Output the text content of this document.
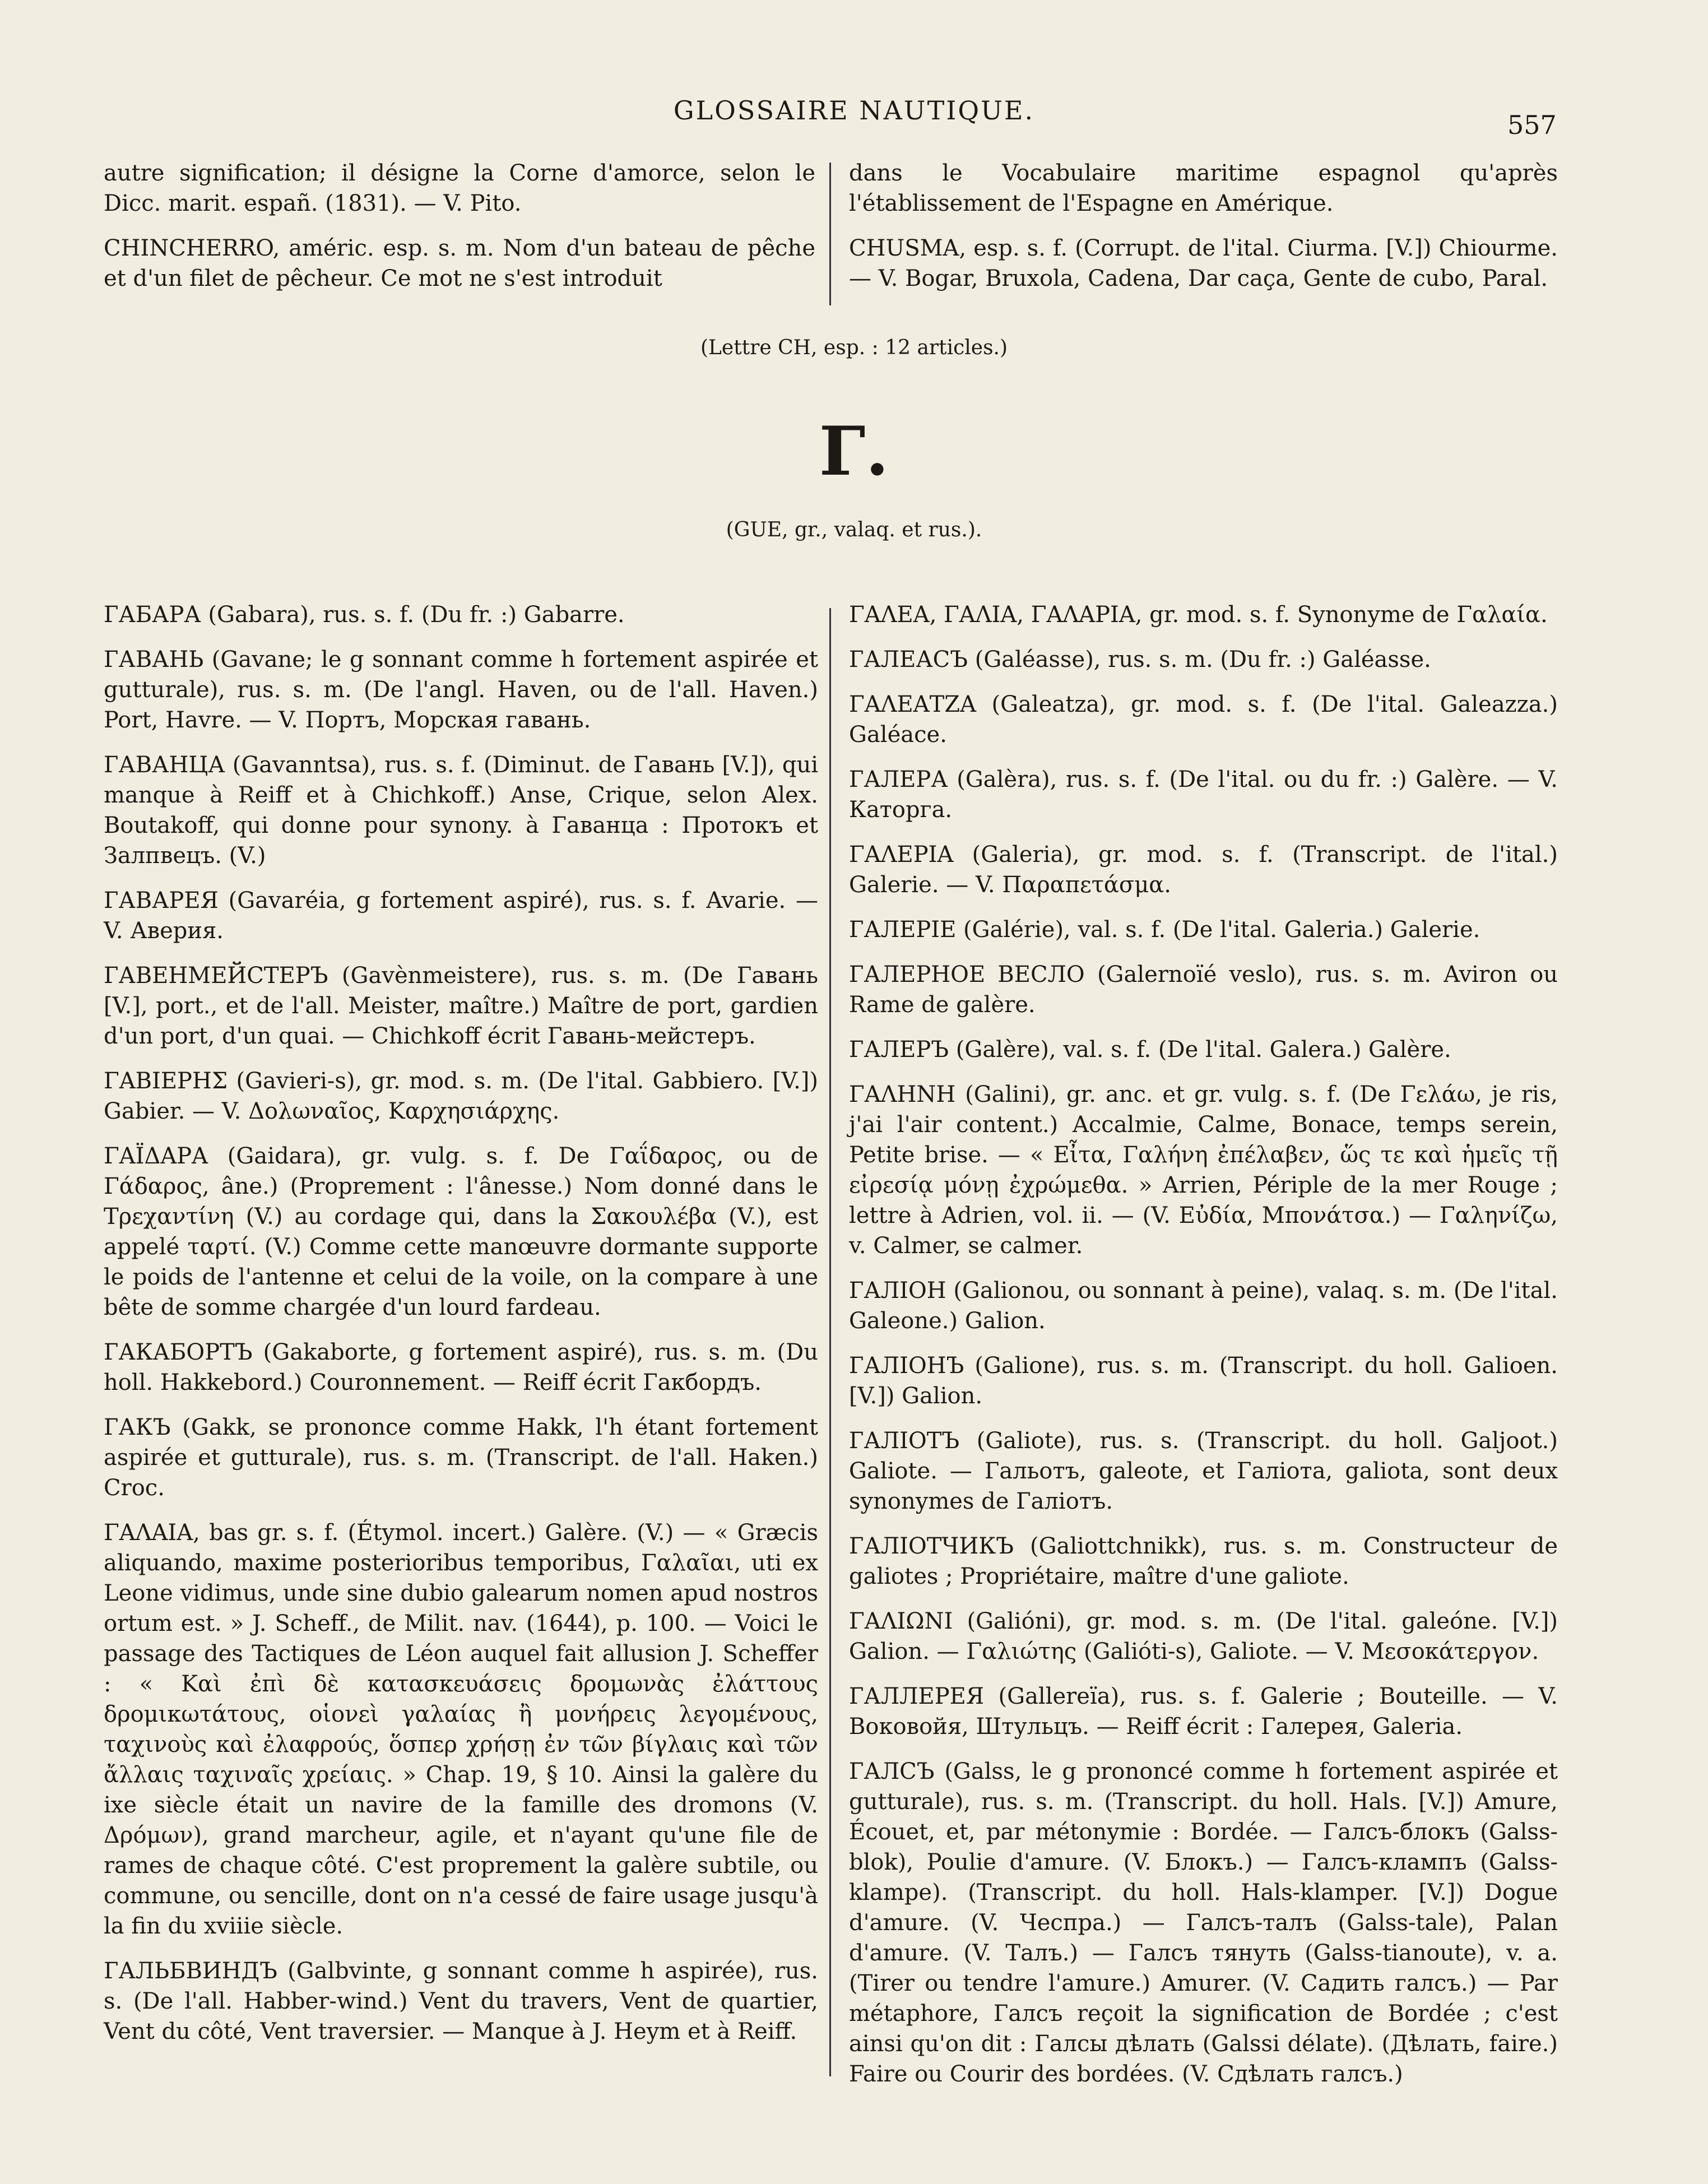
GLOSSAIRE NAUTIQUE.	557

autre signification; il désigne la Corne d'amorce, selon le Dicc. marit. españ. (1831). — V. Pito.

CHINCHERRO, améric. esp. s. m. Nom d'un bateau de pêche et d'un filet de pêcheur. Ce mot ne s'est introduit

dans le Vocabulaire maritime espagnol qu'après l'établissement de l'Espagne en Amérique.

CHUSMA, esp. s. f. (Corrupt. de l'ital. Ciurma. [V.]) Chiourme. — V. Bogar, Bruxola, Cadena, Dar caça, Gente de cubo, Paral.

(Lettre CH, esp. : 12 articles.)
Г.
(GUE, gr., valaq. et rus.).

ГАБАРА (Gabara), rus. s. f. (Du fr. :) Gabarre.

ГАВАНЬ (Gavane; le g sonnant comme h fortement aspirée et gutturale), rus. s. m. (De l'angl. Haven, ou de l'all. Haven.) Port, Havre. — V. Портъ, Морская гавань.

ГАВАНЦА (Gavanntsa), rus. s. f. (Diminut. de Гавань [V.]), qui manque à Reiff et à Chichkoff.) Anse, Crique, selon Alex. Boutakoff, qui donne pour synony. à Гаванца : Протокъ et Залпвецъ. (V.)

ГАВАРЕЯ (Gavaréia, g fortement aspiré), rus. s. f. Avarie. — V. Аверия.

ГАВЕНМЕЙСТЕРЪ (Gavènmeistere), rus. s. m. (De Гавань [V.], port., et de l'all. Meister, maître.) Maître de port, gardien d'un port, d'un quai. — Chichkoff écrit Гавань-мейстеръ.

ΓΑΒΙΕΡΗΣ (Gavieri-s), gr. mod. s. m. (De l'ital. Gabbiero. [V.]) Gabier. — V. Δολωναῖος, Καρχησιάρχης.

ΓΑΪΔΑΡΑ (Gaidara), gr. vulg. s. f. De Γαΐδαρος, ou de Γάδαρος, âne.) (Proprement : l'ânesse.) Nom donné dans le Τρεχαντίνη (V.) au cordage qui, dans la Σακουλέβα (V.), est appelé ταρτί. (V.) Comme cette manœuvre dormante supporte le poids de l'antenne et celui de la voile, on la compare à une bête de somme chargée d'un lourd fardeau.

ГАКАБОРТЪ (Gakaborte, g fortement aspiré), rus. s. m. (Du holl. Hakkebord.) Couronnement. — Reiff écrit Гакбордъ.

ГАКЪ (Gakk, se prononce comme Hakk, l'h étant fortement aspirée et gutturale), rus. s. m. (Transcript. de l'all. Haken.) Croc.

ΓΑΛΑΙΑ, bas gr. s. f. (Étymol. incert.) Galère. (V.) — « Græcis aliquando, maxime posterioribus temporibus, Γαλαῖαι, uti ex Leone vidimus, unde sine dubio galearum nomen apud nostros ortum est. » J. Scheff., de Milit. nav. (1644), p. 100. — Voici le passage des Tactiques de Léon auquel fait allusion J. Scheffer : « Καὶ ἐπὶ δὲ κατασκευάσεις δρομωνὰς ἐλάττους δρομικωτάτους, οἱονεὶ γαλαίας ἢ μονήρεις λεγομένους, ταχινοὺς καὶ ἐλαφρούς, ὅσπερ χρήσῃ ἐν τῶν βίγλαις καὶ τῶν ἄλλαις ταχιναῖς χρείαις. » Chap. 19, § 10. Ainsi la galère du ixe siècle était un navire de la famille des dromons (V. Δρόμων), grand marcheur, agile, et n'ayant qu'une file de rames de chaque côté. C'est proprement la galère subtile, ou commune, ou sencille, dont on n'a cessé de faire usage jusqu'à la fin du xviiie siècle.

ГАЛЬБВИНДЪ (Galbvinte, g sonnant comme h aspirée), rus. s. (De l'all. Habber-wind.) Vent du travers, Vent de quartier, Vent du côté, Vent traversier. — Manque à J. Heym et à Reiff.

ΓΑΛΕΑ, ΓΑΛΙΑ, ΓΑΛΑΡΙΑ, gr. mod. s. f. Synonyme de Γαλαία.

ГАЛЕАСЪ (Galéasse), rus. s. m. (Du fr. :) Galéasse.

ΓΑΛΕΑΤΖΑ (Galeatza), gr. mod. s. f. (De l'ital. Galeazza.) Galéace.

ГАЛЕРА (Galèra), rus. s. f. (De l'ital. ou du fr. :) Galère. — V. Каторга.

ΓΑΛΕΡΙΑ (Galeria), gr. mod. s. f. (Transcript. de l'ital.) Galerie. — V. Παραπετάσμα.

ГАЛЕРІЕ (Galérie), val. s. f. (De l'ital. Galeria.) Galerie.

ГАЛЕРНОЕ ВЕСЛО (Galernoïé veslo), rus. s. m. Aviron ou Rame de galère.

ГАЛЕРЪ (Galère), val. s. f. (De l'ital. Galera.) Galère.

ΓΑΛΗΝΗ (Galini), gr. anc. et gr. vulg. s. f. (De Γελάω, je ris, j'ai l'air content.) Accalmie, Calme, Bonace, temps serein, Petite brise. — « Εἶτα, Γαλήνη ἐπέλαβεν, ὥς τε καὶ ἡμεῖς τῇ εἰρεσίᾳ μόνῃ ἐχρώμεθα. » Arrien, Périple de la mer Rouge ; lettre à Adrien, vol. ii. — (V. Εὐδία, Μπονάτσα.) — Γαληνίζω, v. Calmer, se calmer.

ГАЛІОН (Galionou, ou sonnant à peine), valaq. s. m. (De l'ital. Galeone.) Galion.

ГАЛІОНЪ (Galione), rus. s. m. (Transcript. du holl. Galioen. [V.]) Galion.

ГАЛІОТЪ (Galiote), rus. s. (Transcript. du holl. Galjoot.) Galiote. — Гальотъ, galeote, et Галіота, galiota, sont deux synonymes de Галіотъ.

ГАЛІОТЧИКЪ (Galiottchnikk), rus. s. m. Constructeur de galiotes ; Propriétaire, maître d'une galiote.

ΓΑΛΙΩΝΙ (Galióni), gr. mod. s. m. (De l'ital. galeóne. [V.]) Galion. — Γαλιώτης (Galióti-s), Galiote. — V. Μεσοκάτεργον.

ГАЛЛЕРЕЯ (Gallereïa), rus. s. f. Galerie ; Bouteille. — V. Воковойя, Штульцъ. — Reiff écrit : Галерея, Galeria.

ГАЛСЪ (Galss, le g prononcé comme h fortement aspirée et gutturale), rus. s. m. (Transcript. du holl. Hals. [V.]) Amure, Écouet, et, par métonymie : Bordée. — Галсъ-блокъ (Galss-blok), Poulie d'amure. (V. Блокъ.) — Галсъ-клампъ (Galss-klampe). (Transcript. du holl. Hals-klamper. [V.]) Dogue d'amure. (V. Чеспра.) — Галсъ-талъ (Galss-tale), Palan d'amure. (V. Талъ.) — Галсъ тянуть (Galss-tianoute), v. a. (Tirer ou tendre l'amure.) Amurer. (V. Садить галсъ.) — Par métaphore, Галсъ reçoit la signification de Bordée ; c'est ainsi qu'on dit : Галсы дѣлать (Galssi délate). (Дѣлать, faire.) Faire ou Courir des bordées. (V. Сдѣлать галсъ.)
